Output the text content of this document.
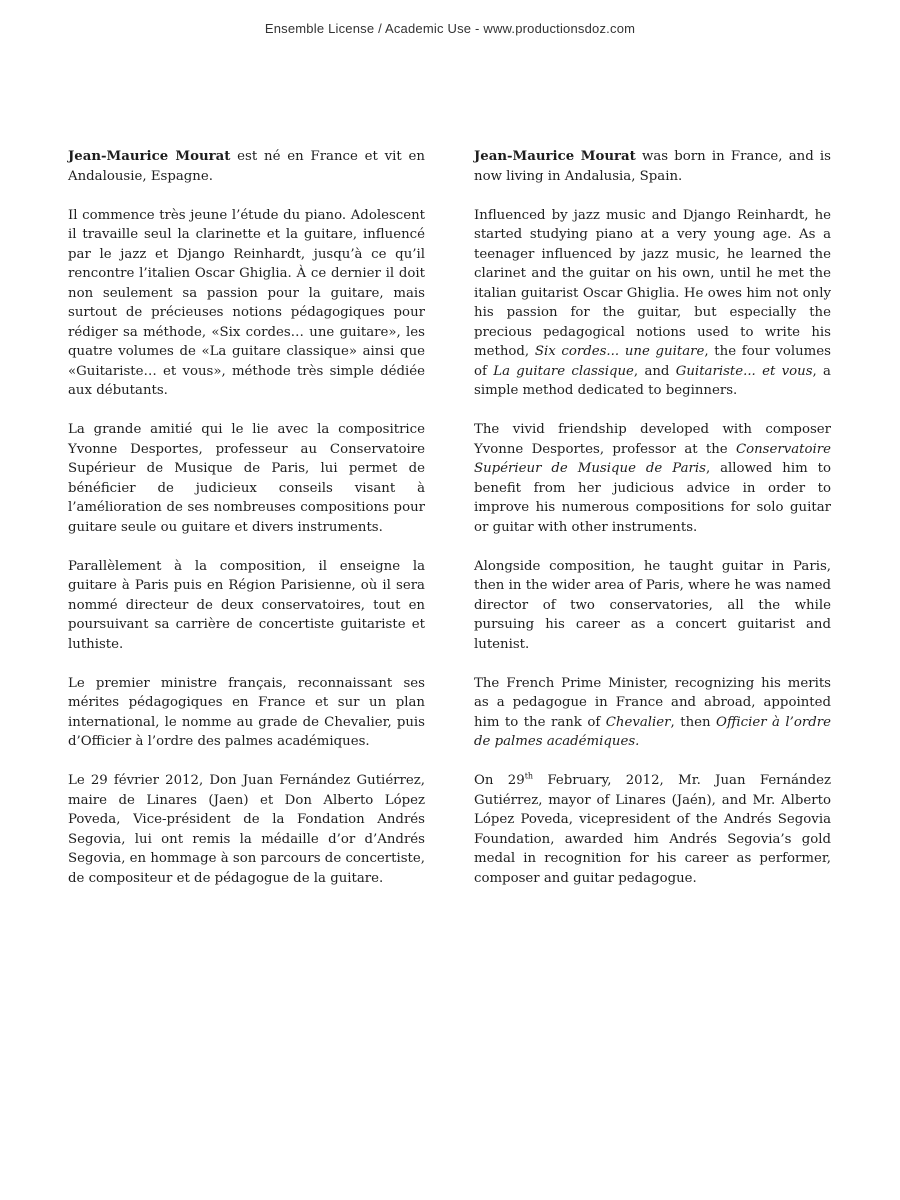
Ensemble License / Academic Use - www.productionsdoz.com

Jean-Maurice Mourat est né en France et vit en Andalousie, Espagne.

Il commence très jeune l’étude du piano. Adolescent il travaille seul la clarinette et la guitare, influencé par le jazz et Django Reinhardt, jusqu’à ce qu’il rencontre l’italien Oscar Ghiglia. À ce dernier il doit non seulement sa passion pour la guitare, mais surtout de précieuses notions pédagogiques pour rédiger sa méthode, «Six cordes… une guitare», les quatre volumes de «La guitare classique» ainsi que «Guitariste… et vous», méthode très simple dédiée aux débutants.

La grande amitié qui le lie avec la compositrice Yvonne Desportes, professeur au Conservatoire Supérieur de Musique de Paris, lui permet de bénéficier de judicieux conseils visant à l’amélioration de ses nombreuses compositions pour guitare seule ou guitare et divers instruments.

Parallèlement à la composition, il enseigne la guitare à Paris puis en Région Parisienne, où il sera nommé directeur de deux conservatoires, tout en poursuivant sa carrière de concertiste guitariste et luthiste.

Le premier ministre français, reconnaissant ses mérites pédagogiques en France et sur un plan international, le nomme au grade de Chevalier, puis d’Officier à l’ordre des palmes académiques.

Le 29 février 2012, Don Juan Fernández Gutiérrez, maire de Linares (Jaen) et Don Alberto López Poveda, Vice-président de la Fondation Andrés Segovia, lui ont remis la médaille d’or d’Andrés Segovia, en hommage à son parcours de concertiste, de compositeur et de pédagogue de la guitare.

Jean-Maurice Mourat was born in France, and is now living in Andalusia, Spain.

Influenced by jazz music and Django Reinhardt, he started studying piano at a very young age. As a teenager influenced by jazz music, he learned the clarinet and the guitar on his own, until he met the italian guitarist Oscar Ghiglia. He owes him not only his passion for the guitar, but especially the precious pedagogical notions used to write his method, Six cordes... une guitare, the four volumes of La guitare classique, and Guitariste... et vous, a simple method dedicated to beginners.

The vivid friendship developed with composer Yvonne Desportes, professor at the Conservatoire Supérieur de Musique de Paris, allowed him to benefit from her judicious advice in order to improve his numerous compositions for solo guitar or guitar with other instruments.

Alongside composition, he taught guitar in Paris, then in the wider area of Paris, where he was named director of two conservatories, all the while pursuing his career as a concert guitarist and lutenist.

The French Prime Minister, recognizing his merits as a pedagogue in France and abroad, appointed him to the rank of Chevalier, then Officier à l’ordre de palmes académiques.

On 29th February, 2012, Mr. Juan Fernández Gutiérrez, mayor of Linares (Jaén), and Mr. Alberto López Poveda, vicepresident of the Andrés Segovia Foundation, awarded him Andrés Segovia’s gold medal in recognition for his career as performer, composer and guitar pedagogue.
